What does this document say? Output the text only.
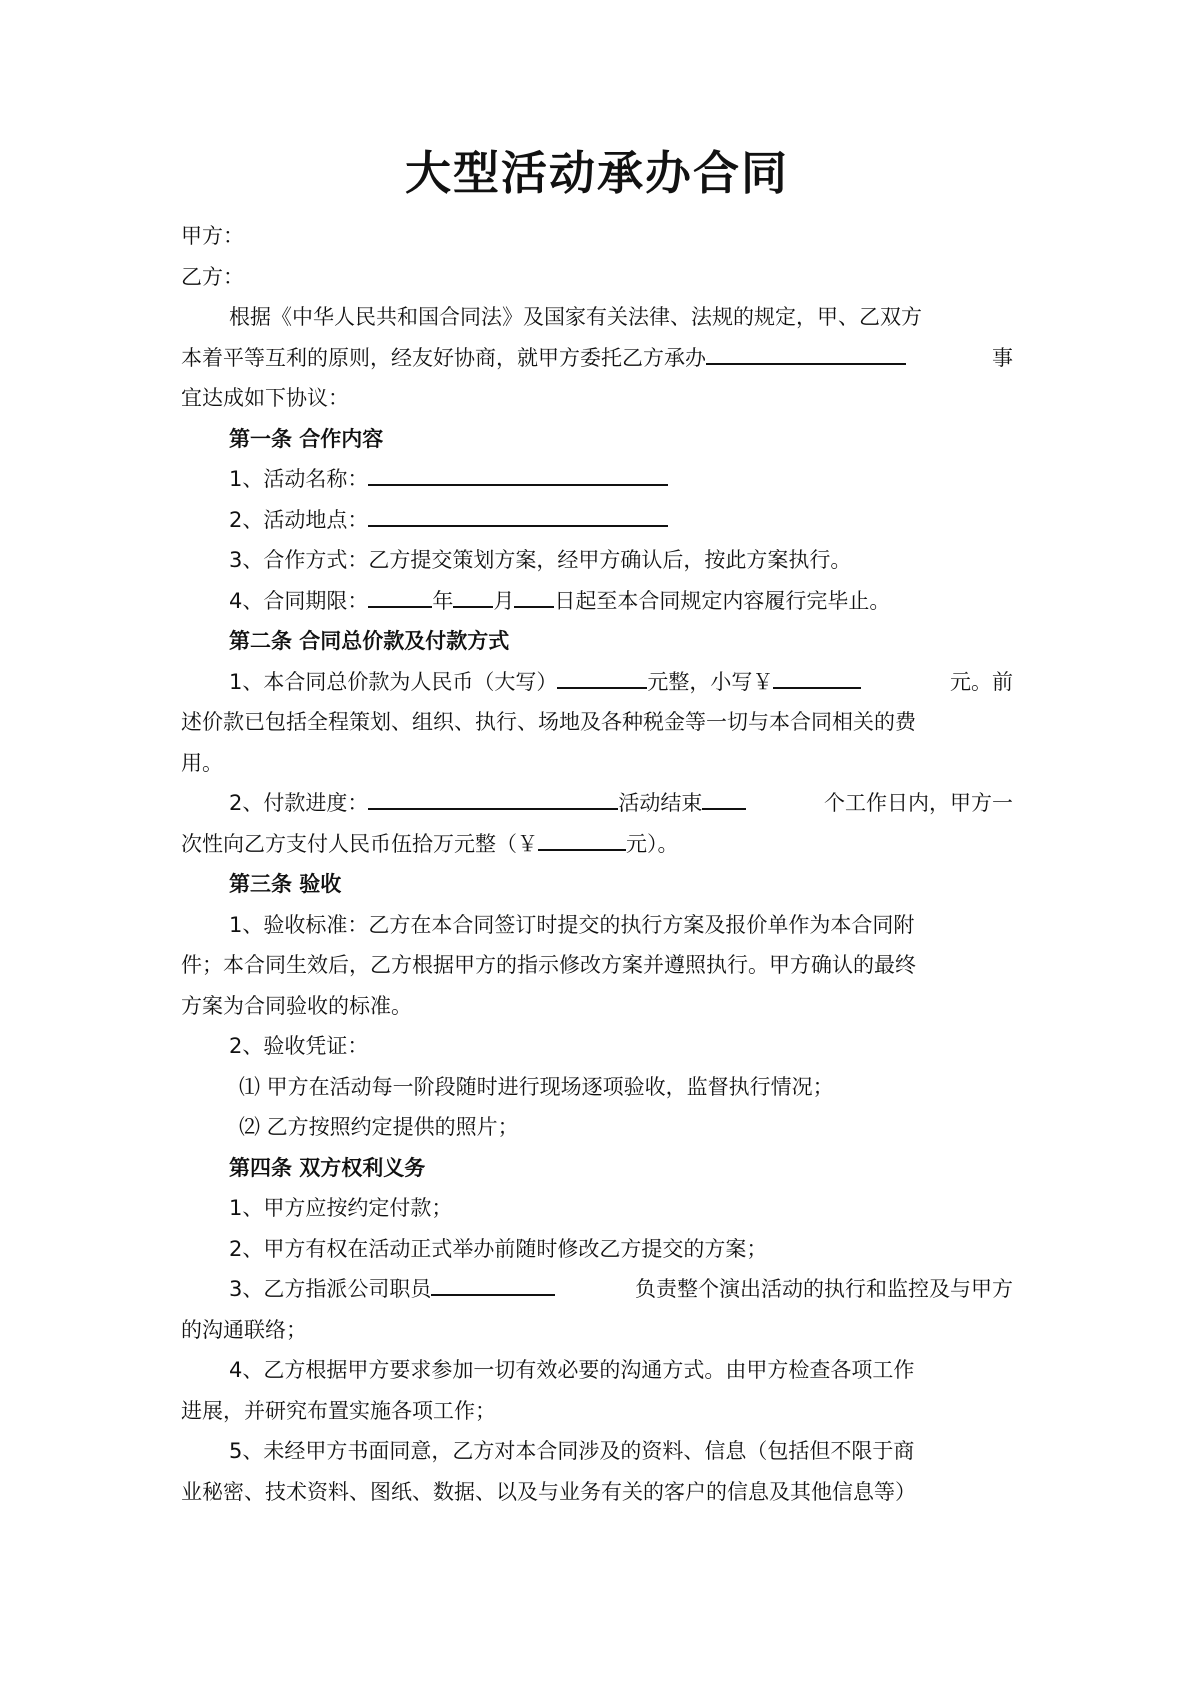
大型活动承办合同
甲方：
乙方：
根据《中华人民共和国合同法》及国家有关法律、法规的规定，甲、乙双方
本着平等互利的原则，经友好协商，就甲方委托乙方承办	事
宜达成如下协议：
第一条 合作内容
1、活动名称：
2、活动地点：
3、合作方式：乙方提交策划方案，经甲方确认后，按此方案执行。
4、合同期限：	年 月 日起至本合同规定内容履行完毕止。
第二条 合同总价款及付款方式
1、本合同总价款为人民币（大写）	元整，小写￥	元。前
述价款已包括全程策划、组织、执行、场地及各种税金等一切与本合同相关的费
用。
2、付款进度：	活动结束	个工作日内，甲方一
次性向乙方支付人民币伍拾万元整（￥	元）。
第三条 验收
1、验收标准：乙方在本合同签订时提交的执行方案及报价单作为本合同附
件；本合同生效后，乙方根据甲方的指示修改方案并遵照执行。甲方确认的最终
方案为合同验收的标准。
2、验收凭证：
⑴ 甲方在活动每一阶段随时进行现场逐项验收，监督执行情况；
⑵ 乙方按照约定提供的照片；
第四条 双方权利义务
1、甲方应按约定付款；
2、甲方有权在活动正式举办前随时修改乙方提交的方案；
3、乙方指派公司职员	负责整个演出活动的执行和监控及与甲方
的沟通联络；
4、乙方根据甲方要求参加一切有效必要的沟通方式。由甲方检查各项工作
进展，并研究布置实施各项工作；
5、未经甲方书面同意，乙方对本合同涉及的资料、信息（包括但不限于商
业秘密、技术资料、图纸、数据、以及与业务有关的客户的信息及其他信息等）
